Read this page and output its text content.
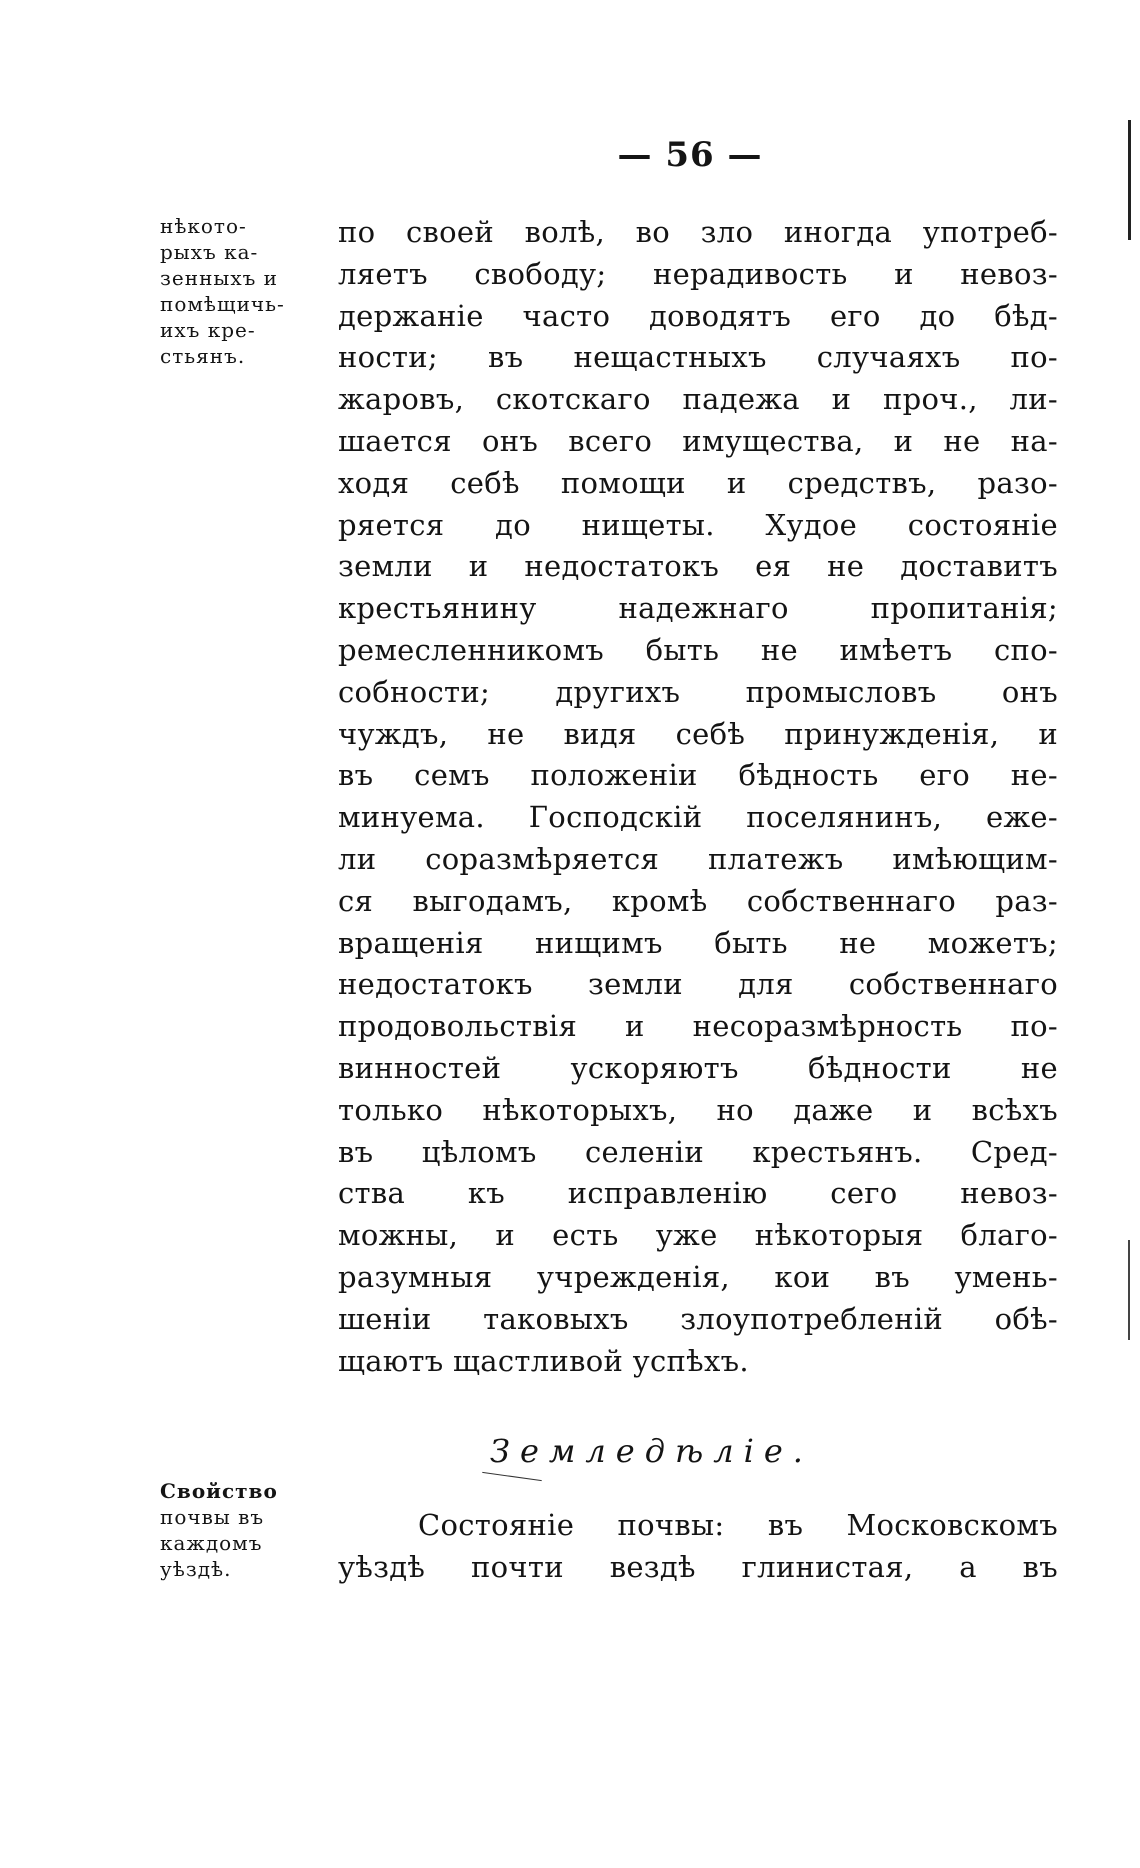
— 56 —
нѣкото-
рыхъ ка-
зенныхъ и
помѣщичь-
ихъ кре-
стьянъ.
по своей волѣ, во зло иногда употреб-
ляетъ свободу; нерадивость и невоз-
держаніе часто доводятъ его до бѣд-
ности; въ нещастныхъ случаяхъ по-
жаровъ, скотскаго падежа и проч., ли-
шается онъ всего имущества, и не на-
ходя себѣ помощи и средствъ, разо-
ряется до нищеты. Худое состояніе
земли и недостатокъ ея не доставитъ
крестьянину надежнаго пропитанія;
ремесленникомъ быть не имѣетъ спо-
собности; другихъ промысловъ онъ
чуждъ, не видя себѣ принужденія, и
въ семъ положеніи бѣдность его не-
минуема. Господскій поселянинъ, еже-
ли соразмѣряется платежъ имѣющим-
ся выгодамъ, кромѣ собственнаго раз-
вращенія нищимъ быть не можетъ;
недостатокъ земли для собственнаго
продовольствія и несоразмѣрность по-
винностей ускоряютъ бѣдности не
только нѣкоторыхъ, но даже и всѣхъ
въ цѣломъ селеніи крестьянъ. Сред-
ства къ исправленію сего невоз-
можны, и есть уже нѣкоторыя благо-
разумныя учрежденія, кои въ умень-
шеніи таковыхъ злоупотребленій обѣ-
щаютъ щастливой успѣхъ.
Земледѣліе.
Свойство
почвы въ
каждомъ
уѣздѣ.
Состояніе почвы: въ Московскомъ
уѣздѣ почти вездѣ глинистая, а въ
